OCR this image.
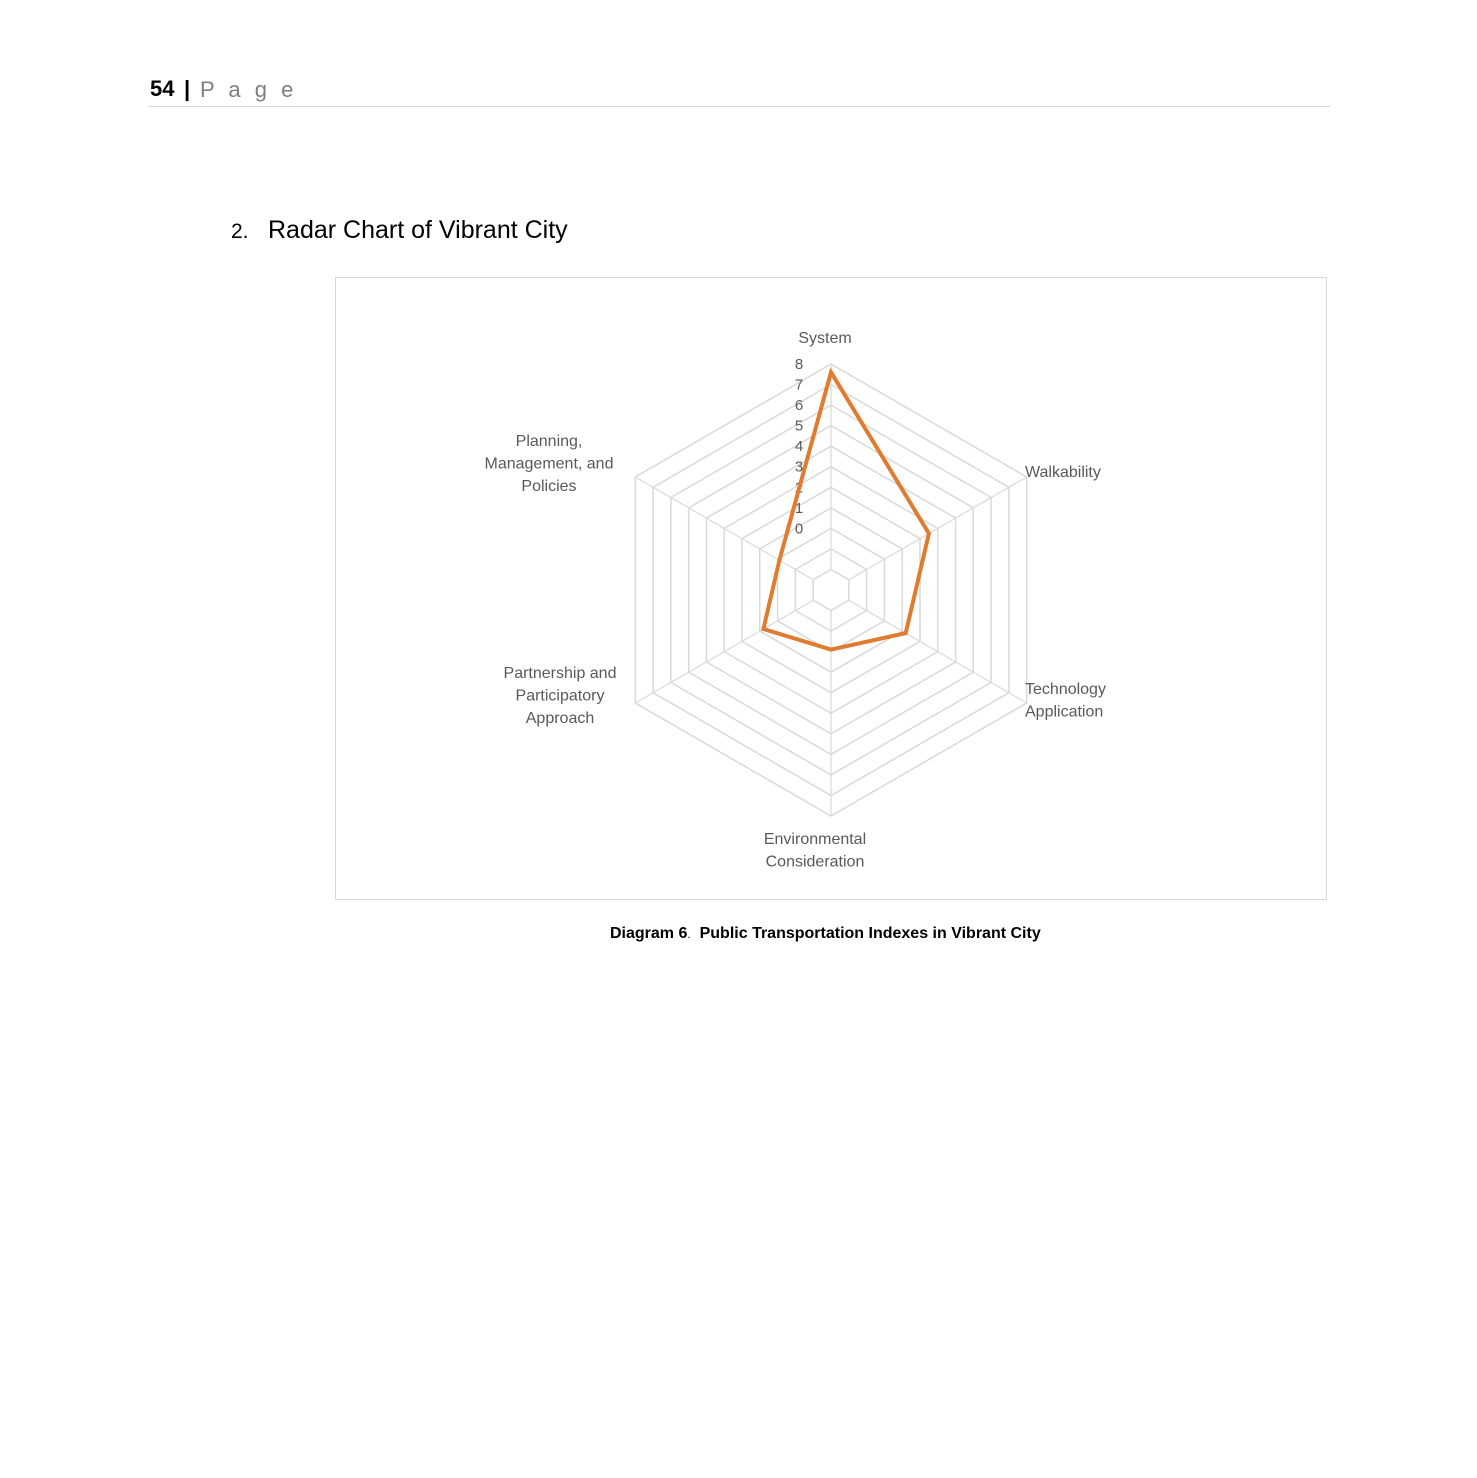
54 | P a g e
2. Radar Chart of Vibrant City
0
1
2
3
4
5
6
7
8
System
Walkability
Technology Application
Environmental Consideration
Partnership and Participatory Approach
Planning, Management, and Policies
Diagram 6. Public Transportation Indexes in Vibrant City
